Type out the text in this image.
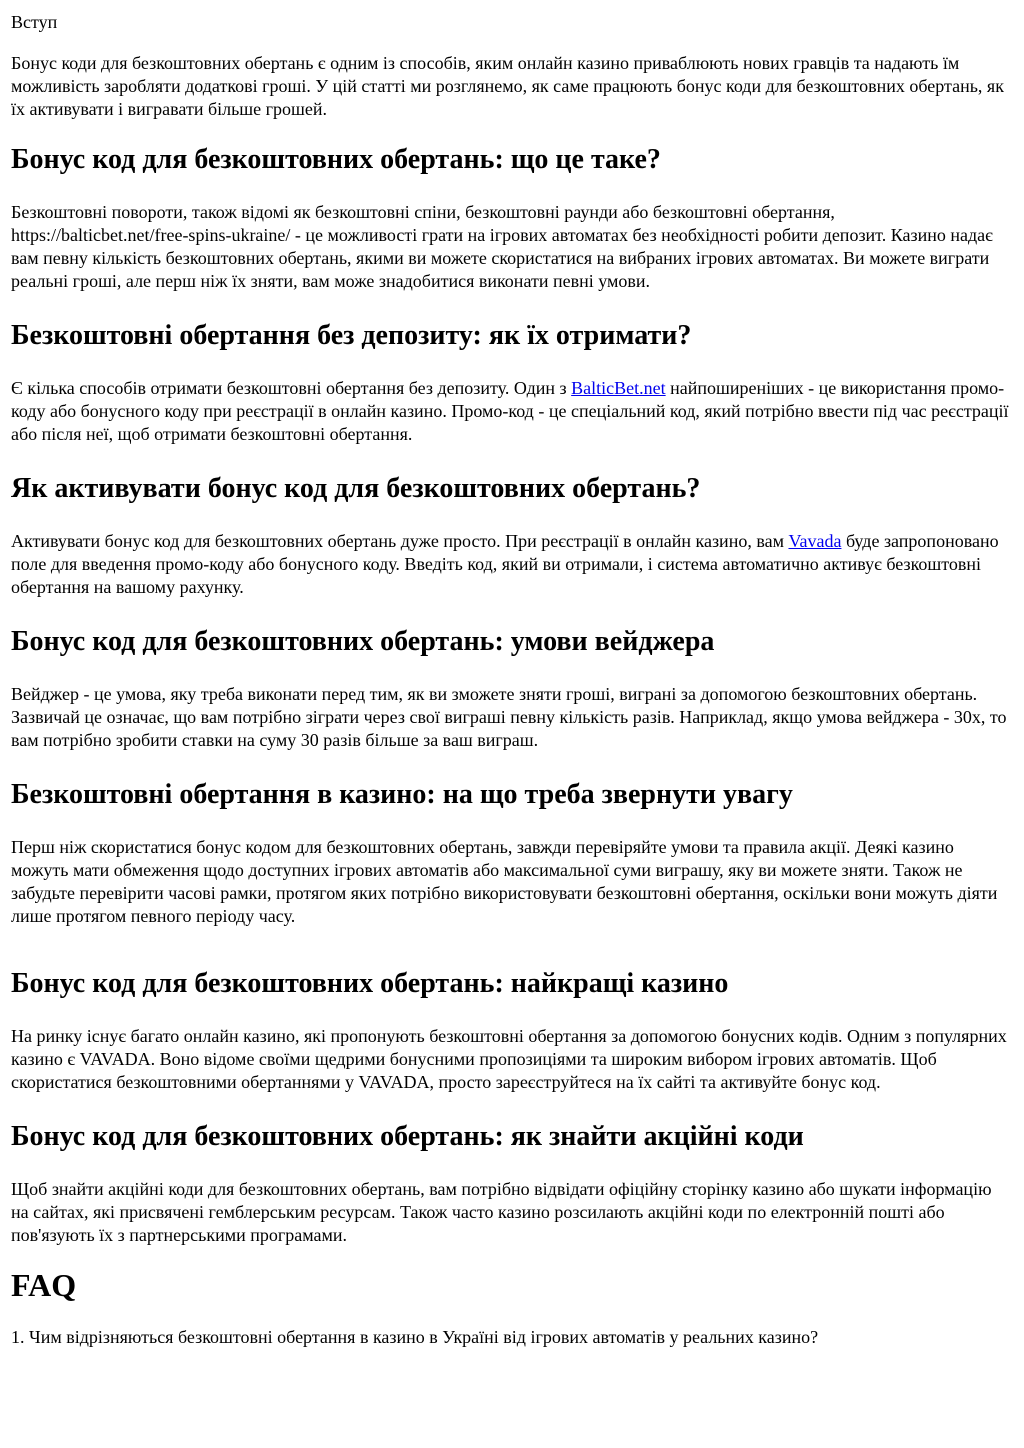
Вступ

Бонус коди для безкоштовних обертань є одним із способів, яким онлайн казино приваблюють нових гравців та надають їм можливість заробляти додаткові гроші. У цій статті ми розглянемо, як саме працюють бонус коди для безкоштовних обертань, як їх активувати і вигравати більше грошей.

Бонус код для безкоштовних обертань: що це таке?

Безкоштовні повороти, також відомі як безкоштовні спіни, безкоштовні раунди або безкоштовні обертання, https://balticbet.net/free-spins-ukraine/ - це можливості грати на ігрових автоматах без необхідності робити депозит. Казино надає вам певну кількість безкоштовних обертань, якими ви можете скористатися на вибраних ігрових автоматах. Ви можете виграти реальні гроші, але перш ніж їх зняти, вам може знадобитися виконати певні умови.

Безкоштовні обертання без депозиту: як їх отримати?

Є кілька способів отримати безкоштовні обертання без депозиту. Один з BalticBet.net найпоширеніших - це використання промо-коду або бонусного коду при реєстрації в онлайн казино. Промо-код - це спеціальний код, який потрібно ввести під час реєстрації або після неї, щоб отримати безкоштовні обертання.

Як активувати бонус код для безкоштовних обертань?

Активувати бонус код для безкоштовних обертань дуже просто. При реєстрації в онлайн казино, вам Vavada буде запропоновано поле для введення промо-коду або бонусного коду. Введіть код, який ви отримали, і система автоматично активує безкоштовні обертання на вашому рахунку.

Бонус код для безкоштовних обертань: умови вейджера

Вейджер - це умова, яку треба виконати перед тим, як ви зможете зняти гроші, виграні за допомогою безкоштовних обертань. Зазвичай це означає, що вам потрібно зіграти через свої виграші певну кількість разів. Наприклад, якщо умова вейджера - 30x, то вам потрібно зробити ставки на суму 30 разів більше за ваш виграш.

Безкоштовні обертання в казино: на що треба звернути увагу

Перш ніж скористатися бонус кодом для безкоштовних обертань, завжди перевіряйте умови та правила акції. Деякі казино можуть мати обмеження щодо доступних ігрових автоматів або максимальної суми виграшу, яку ви можете зняти. Також не забудьте перевірити часові рамки, протягом яких потрібно використовувати безкоштовні обертання, оскільки вони можуть діяти лише протягом певного періоду часу.

Бонус код для безкоштовних обертань: найкращі казино

На ринку існує багато онлайн казино, які пропонують безкоштовні обертання за допомогою бонусних кодів. Одним з популярних казино є VAVADA. Воно відоме своїми щедрими бонусними пропозиціями та широким вибором ігрових автоматів. Щоб скористатися безкоштовними обертаннями у VAVADA, просто зареєструйтеся на їх сайті та активуйте бонус код.

Бонус код для безкоштовних обертань: як знайти акційні коди

Щоб знайти акційні коди для безкоштовних обертань, вам потрібно відвідати офіційну сторінку казино або шукати інформацію на сайтах, які присвячені гемблерським ресурсам. Також часто казино розсилають акційні коди по електронній пошті або пов'язують їх з партнерськими програмами.

FAQ

1. Чим відрізняються безкоштовні обертання в казино в Україні від ігрових автоматів у реальних казино?
